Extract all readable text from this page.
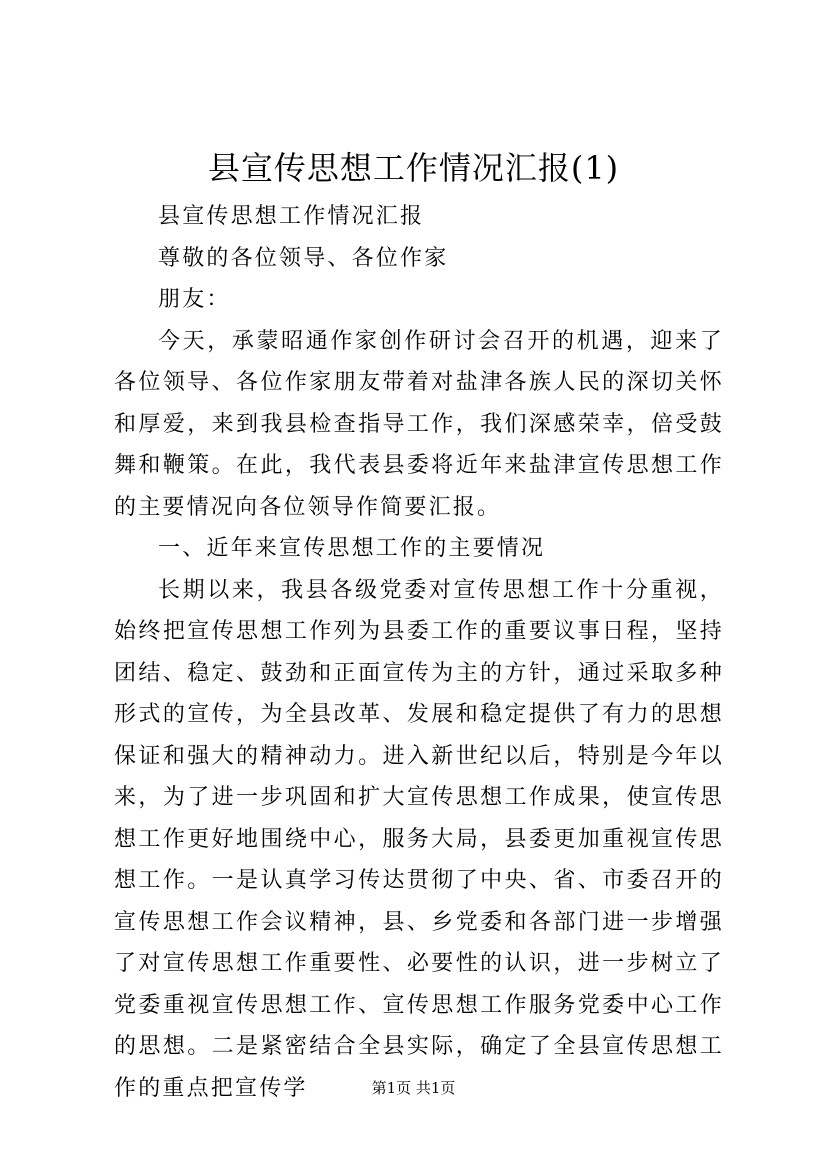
县宣传思想工作情况汇报(1)

县宣传思想工作情况汇报

尊敬的各位领导、各位作家

朋友：

今天，承蒙昭通作家创作研讨会召开的机遇，迎来了各位领导、各位作家朋友带着对盐津各族人民的深切关怀和厚爱，来到我县检查指导工作，我们深感荣幸，倍受鼓舞和鞭策。在此，我代表县委将近年来盐津宣传思想工作的主要情况向各位领导作简要汇报。

一、近年来宣传思想工作的主要情况

长期以来，我县各级党委对宣传思想工作十分重视，始终把宣传思想工作列为县委工作的重要议事日程，坚持团结、稳定、鼓劲和正面宣传为主的方针，通过采取多种形式的宣传，为全县改革、发展和稳定提供了有力的思想保证和强大的精神动力。进入新世纪以后，特别是今年以来，为了进一步巩固和扩大宣传思想工作成果，使宣传思想工作更好地围绕中心，服务大局，县委更加重视宣传思想工作。一是认真学习传达贯彻了中央、省、市委召开的宣传思想工作会议精神，县、乡党委和各部门进一步增强了对宣传思想工作重要性、必要性的认识，进一步树立了党委重视宣传思想工作、宣传思想工作服务党委中心工作的思想。二是紧密结合全县实际，确定了全县宣传思想工作的重点把宣传学	第1页 共1页
